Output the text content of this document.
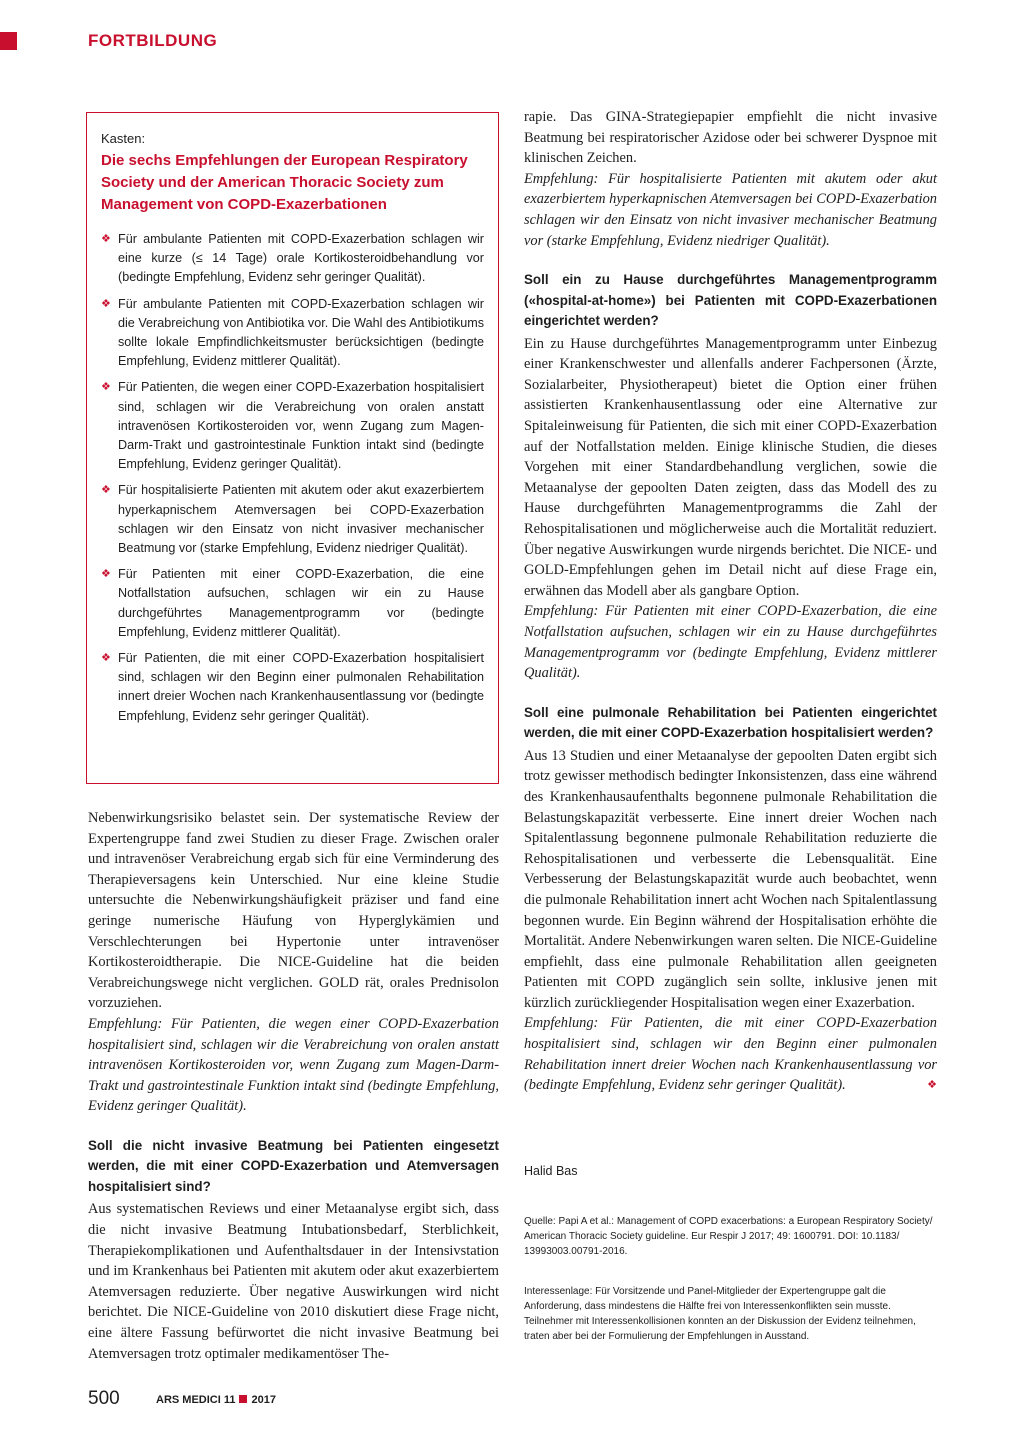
FORTBILDUNG

Kasten:

Die sechs Empfehlungen der European Respiratory Society und der American Thoracic Society zum Management von COPD-Exazerbationen
❖ Für ambulante Patienten mit COPD-Exazerbation schlagen wir eine kurze (≤ 14 Tage) orale Kortikosteroidbehandlung vor (bedingte Empfehlung, Evidenz sehr geringer Qualität).
❖ Für ambulante Patienten mit COPD-Exazerbation schlagen wir die Verabreichung von Antibiotika vor. Die Wahl des Antibiotikums sollte lokale Empfindlichkeitsmuster berücksichtigen (bedingte Empfehlung, Evidenz mittlerer Qualität).
❖ Für Patienten, die wegen einer COPD-Exazerbation hospitalisiert sind, schlagen wir die Verabreichung von oralen anstatt intravenösen Kortikosteroiden vor, wenn Zugang zum Magen-Darm-Trakt und gastrointestinale Funktion intakt sind (bedingte Empfehlung, Evidenz geringer Qualität).
❖ Für hospitalisierte Patienten mit akutem oder akut exazerbiertem hyperkapnischem Atemversagen bei COPD-Exazerbation schlagen wir den Einsatz von nicht invasiver mechanischer Beatmung vor (starke Empfehlung, Evidenz niedriger Qualität).
❖ Für Patienten mit einer COPD-Exazerbation, die eine Notfallstation aufsuchen, schlagen wir ein zu Hause durchgeführtes Managementprogramm vor (bedingte Empfehlung, Evidenz mittlerer Qualität).
❖ Für Patienten, die mit einer COPD-Exazerbation hospitalisiert sind, schlagen wir den Beginn einer pulmonalen Rehabilitation innert dreier Wochen nach Krankenhausentlassung vor (bedingte Empfehlung, Evidenz sehr geringer Qualität).

Nebenwirkungsrisiko belastet sein. Der systematische Review der Expertengruppe fand zwei Studien zu dieser Frage. Zwischen oraler und intravenöser Verabreichung ergab sich für eine Verminderung des Therapieversagens kein Unterschied. Nur eine kleine Studie untersuchte die Nebenwirkungshäufigkeit präziser und fand eine geringe numerische Häufung von Hyperglykämien und Verschlechterungen bei Hypertonie unter intravenöser Kortikosteroidtherapie. Die NICE-Guideline hat die beiden Verabreichungswege nicht verglichen. GOLD rät, orales Prednisolon vorzuziehen.

Empfehlung: Für Patienten, die wegen einer COPD-Exazerbation hospitalisiert sind, schlagen wir die Verabreichung von oralen anstatt intravenösen Kortikosteroiden vor, wenn Zugang zum Magen-Darm-Trakt und gastrointestinale Funktion intakt sind (bedingte Empfehlung, Evidenz geringer Qualität).

Soll die nicht invasive Beatmung bei Patienten eingesetzt werden, die mit einer COPD-Exazerbation und Atemversagen hospitalisiert sind?

Aus systematischen Reviews und einer Metaanalyse ergibt sich, dass die nicht invasive Beatmung Intubationsbedarf, Sterblichkeit, Therapiekomplikationen und Aufenthaltsdauer in der Intensivstation und im Krankenhaus bei Patienten mit akutem oder akut exazerbiertem Atemversagen reduzierte. Über negative Auswirkungen wird nicht berichtet. Die NICE-Guideline von 2010 diskutiert diese Frage nicht, eine ältere Fassung befürwortet die nicht invasive Beatmung bei Atemversagen trotz optimaler medikamentöser The-

rapie. Das GINA-Strategiepapier empfiehlt die nicht invasive Beatmung bei respiratorischer Azidose oder bei schwerer Dyspnoe mit klinischen Zeichen.

Empfehlung: Für hospitalisierte Patienten mit akutem oder akut exazerbiertem hyperkapnischen Atemversagen bei COPD-Exazerbation schlagen wir den Einsatz von nicht invasiver mechanischer Beatmung vor (starke Empfehlung, Evidenz niedriger Qualität).

Soll ein zu Hause durchgeführtes Managementprogramm («hospital-at-home») bei Patienten mit COPD-Exazerbationen eingerichtet werden?

Ein zu Hause durchgeführtes Managementprogramm unter Einbezug einer Krankenschwester und allenfalls anderer Fachpersonen (Ärzte, Sozialarbeiter, Physiotherapeut) bietet die Option einer frühen assistierten Krankenhausentlassung oder eine Alternative zur Spitaleinweisung für Patienten, die sich mit einer COPD-Exazerbation auf der Notfallstation melden. Einige klinische Studien, die dieses Vorgehen mit einer Standardbehandlung verglichen, sowie die Metaanalyse der gepoolten Daten zeigten, dass das Modell des zu Hause durchgeführten Managementprogramms die Zahl der Rehospitalisationen und möglicherweise auch die Mortalität reduziert. Über negative Auswirkungen wurde nirgends berichtet. Die NICE- und GOLD-Empfehlungen gehen im Detail nicht auf diese Frage ein, erwähnen das Modell aber als gangbare Option.

Empfehlung: Für Patienten mit einer COPD-Exazerbation, die eine Notfallstation aufsuchen, schlagen wir ein zu Hause durchgeführtes Managementprogramm vor (bedingte Empfehlung, Evidenz mittlerer Qualität).

Soll eine pulmonale Rehabilitation bei Patienten eingerichtet werden, die mit einer COPD-Exazerbation hospitalisiert werden?

Aus 13 Studien und einer Metaanalyse der gepoolten Daten ergibt sich trotz gewisser methodisch bedingter Inkonsistenzen, dass eine während des Krankenhausaufenthalts begonnene pulmonale Rehabilitation die Belastungskapazität verbesserte. Eine innert dreier Wochen nach Spitalentlassung begonnene pulmonale Rehabilitation reduzierte die Rehospitalisationen und verbesserte die Lebensqualität. Eine Verbesserung der Belastungskapazität wurde auch beobachtet, wenn die pulmonale Rehabilitation innert acht Wochen nach Spitalentlassung begonnen wurde. Ein Beginn während der Hospitalisation erhöhte die Mortalität. Andere Nebenwirkungen waren selten. Die NICE-Guideline empfiehlt, dass eine pulmonale Rehabilitation allen geeigneten Patienten mit COPD zugänglich sein sollte, inklusive jenen mit kürzlich zurückliegender Hospitalisation wegen einer Exazerbation.

Empfehlung: Für Patienten, die mit einer COPD-Exazerbation hospitalisiert sind, schlagen wir den Beginn einer pulmonalen Rehabilitation innert dreier Wochen nach Krankenhausentlassung vor (bedingte Empfehlung, Evidenz sehr geringer Qualität).	❖

Halid Bas

Quelle: Papi A et al.: Management of COPD exacerbations: a European Respiratory Society/ American Thoracic Society guideline. Eur Respir J 2017; 49: 1600791. DOI: 10.1183/ 13993003.00791-2016.

Interessenlage: Für Vorsitzende und Panel-Mitglieder der Expertengruppe galt die Anforderung, dass mindestens die Hälfte frei von Interessenkonflikten sein musste. Teilnehmer mit Interessenkollisionen konnten an der Diskussion der Evidenz teilnehmen, traten aber bei der Formulierung der Empfehlungen in Ausstand.

500	ARS MEDICI 11 2017
